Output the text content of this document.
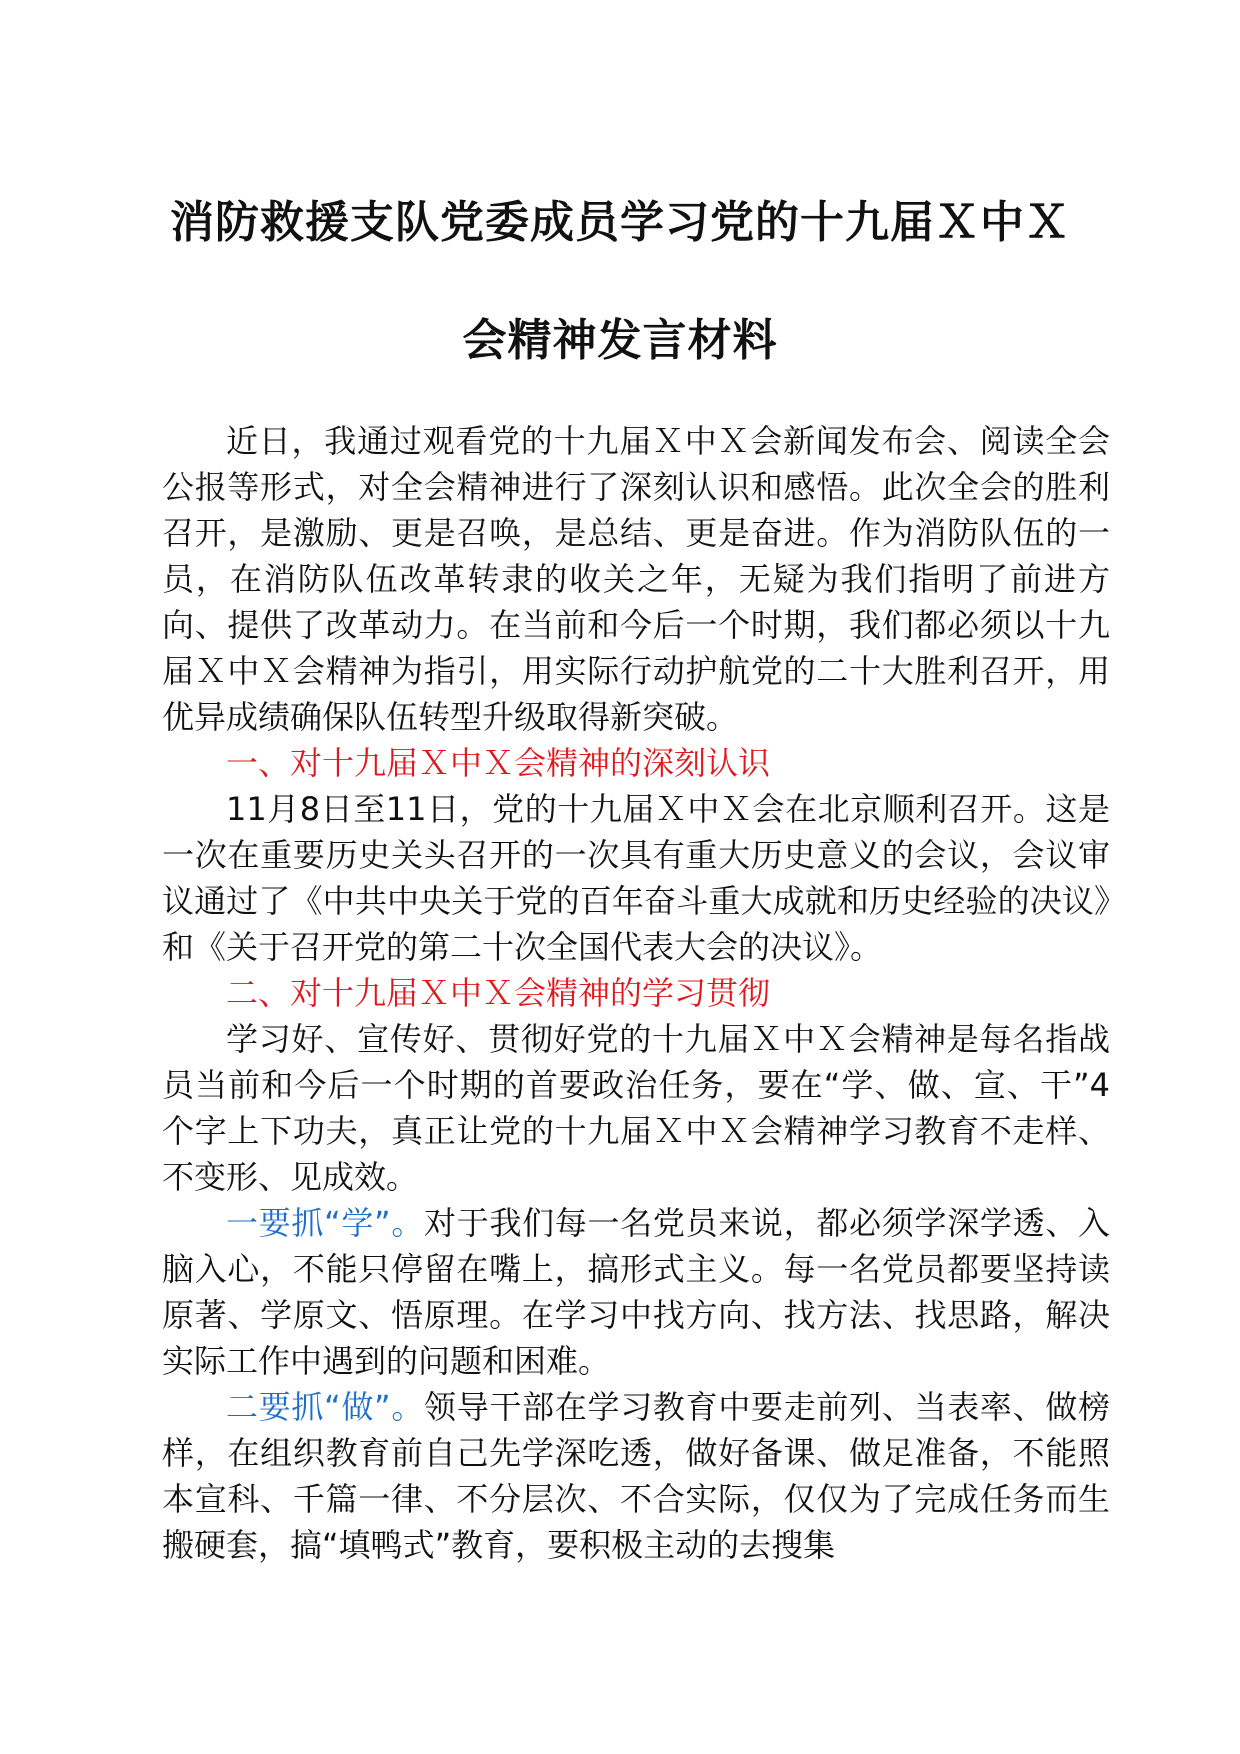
消防救援支队党委成员学习党的十九届Ｘ中Ｘ
会精神发言材料

近日，我通过观看党的十九届Ｘ中Ｘ会新闻发布会、阅读全会公报等形式，对全会精神进行了深刻认识和感悟。此次全会的胜利召开，是激励、更是召唤，是总结、更是奋进。作为消防队伍的一员，在消防队伍改革转隶的收关之年，无疑为我们指明了前进方向、提供了改革动力。在当前和今后一个时期，我们都必须以十九届Ｘ中Ｘ会精神为指引，用实际行动护航党的二十大胜利召开，用优异成绩确保队伍转型升级取得新突破。

一、对十九届Ｘ中Ｘ会精神的深刻认识

11月8日至11日，党的十九届Ｘ中Ｘ会在北京顺利召开。这是一次在重要历史关头召开的一次具有重大历史意义的会议，会议审议通过了《中共中央关于党的百年奋斗重大成就和历史经验的决议》和《关于召开党的第二十次全国代表大会的决议》。

二、对十九届Ｘ中Ｘ会精神的学习贯彻

学习好、宣传好、贯彻好党的十九届Ｘ中Ｘ会精神是每名指战员当前和今后一个时期的首要政治任务，要在“学、做、宣、干”4个字上下功夫，真正让党的十九届Ｘ中Ｘ会精神学习教育不走样、不变形、见成效。

一要抓“学”。对于我们每一名党员来说，都必须学深学透、入脑入心，不能只停留在嘴上，搞形式主义。每一名党员都要坚持读原著、学原文、悟原理。在学习中找方向、找方法、找思路，解决实际工作中遇到的问题和困难。

二要抓“做”。领导干部在学习教育中要走前列、当表率、做榜样，在组织教育前自己先学深吃透，做好备课、做足准备，不能照本宣科、千篇一律、不分层次、不合实际，仅仅为了完成任务而生搬硬套，搞“填鸭式”教育，要积极主动的去搜集
